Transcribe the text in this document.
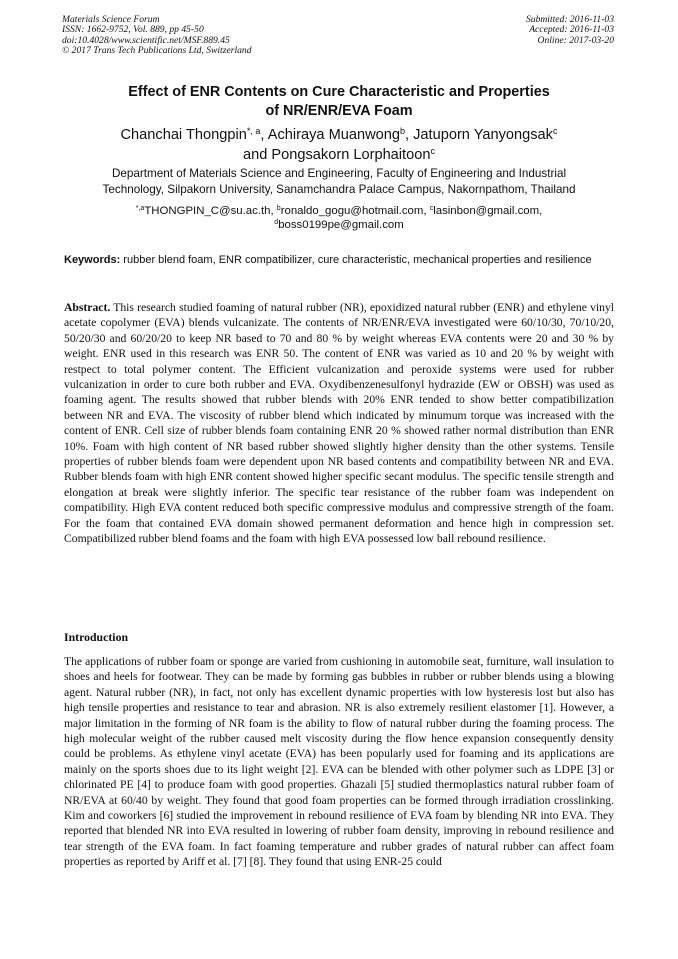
Materials Science Forum
ISSN: 1662-9752, Vol. 889, pp 45-50
doi:10.4028/www.scientific.net/MSF.889.45
© 2017 Trans Tech Publications Ltd, Switzerland
Submitted: 2016-11-03
Accepted: 2016-11-03
Online: 2017-03-20
Effect of ENR Contents on Cure Characteristic and Properties
of NR/ENR/EVA Foam
Chanchai Thongpin$^{*, a}$, Achiraya Muanwong$^b$, Jatuporn Yanyongsak$^c$
and Pongsakorn Lorphaitoon$^c$
Department of Materials Science and Engineering, Faculty of Engineering and Industrial
Technology, Silpakorn University, Sanamchandra Palace Campus, Nakornpathom, Thailand
$^{*,a}$THONGPIN_C@su.ac.th, $^b$ronaldo_gogu@hotmail.com, $^c$lasinbon@gmail.com,
$^d$boss0199pe@gmail.com
Keywords: rubber blend foam, ENR compatibilizer, cure characteristic, mechanical properties and resilience
Abstract. This research studied foaming of natural rubber (NR), epoxidized natural rubber (ENR) and ethylene vinyl acetate copolymer (EVA) blends vulcanizate. The contents of NR/ENR/EVA investigated were 60/10/30, 70/10/20, 50/20/30 and 60/20/20 to keep NR based to 70 and 80 % by weight whereas EVA contents were 20 and 30 % by weight. ENR used in this research was ENR 50. The content of ENR was varied as 10 and 20 % by weight with restpect to total polymer content. The Efficient vulcanization and peroxide systems were used for rubber vulcanization in order to cure both rubber and EVA. Oxydibenzenesulfonyl hydrazide (EW or OBSH) was used as foaming agent. The results showed that rubber blends with 20% ENR tended to show better compatibilization between NR and EVA. The viscosity of rubber blend which indicated by minumum torque was increased with the content of ENR. Cell size of rubber blends foam containing ENR 20 % showed rather normal distribution than ENR 10%. Foam with high content of NR based rubber showed slightly higher density than the other systems. Tensile properties of rubber blends foam were dependent upon NR based contents and compatibility between NR and EVA. Rubber blends foam with high ENR content showed higher specific secant modulus. The specific tensile strength and elongation at break were slightly inferior. The specific tear resistance of the rubber foam was independent on compatibility. High EVA content reduced both specific compressive modulus and compressive strength of the foam. For the foam that contained EVA domain showed permanent deformation and hence high in compression set. Compatibilized rubber blend foams and the foam with high EVA possessed low ball rebound resilience.
Introduction
The applications of rubber foam or sponge are varied from cushioning in automobile seat, furniture, wall insulation to shoes and heels for footwear. They can be made by forming gas bubbles in rubber or rubber blends using a blowing agent. Natural rubber (NR), in fact, not only has excellent dynamic properties with low hysteresis lost but also has high tensile properties and resistance to tear and abrasion. NR is also extremely resilient elastomer [1]. However, a major limitation in the forming of NR foam is the ability to flow of natural rubber during the foaming process. The high molecular weight of the rubber caused melt viscosity during the flow hence expansion consequently density could be problems. As ethylene vinyl acetate (EVA) has been popularly used for foaming and its applications are mainly on the sports shoes due to its light weight [2]. EVA can be blended with other polymer such as LDPE [3] or chlorinated PE [4] to produce foam with good properties. Ghazali [5] studied thermoplastics natural rubber foam of NR/EVA at 60/40 by weight. They found that good foam properties can be formed through irradiation crosslinking. Kim and coworkers [6] studied the improvement in rebound resilience of EVA foam by blending NR into EVA. They reported that blended NR into EVA resulted in lowering of rubber foam density, improving in rebound resilience and tear strength of the EVA foam. In fact foaming temperature and rubber grades of natural rubber can affect foam properties as reported by Ariff et al. [7] [8]. They found that using ENR-25 could
